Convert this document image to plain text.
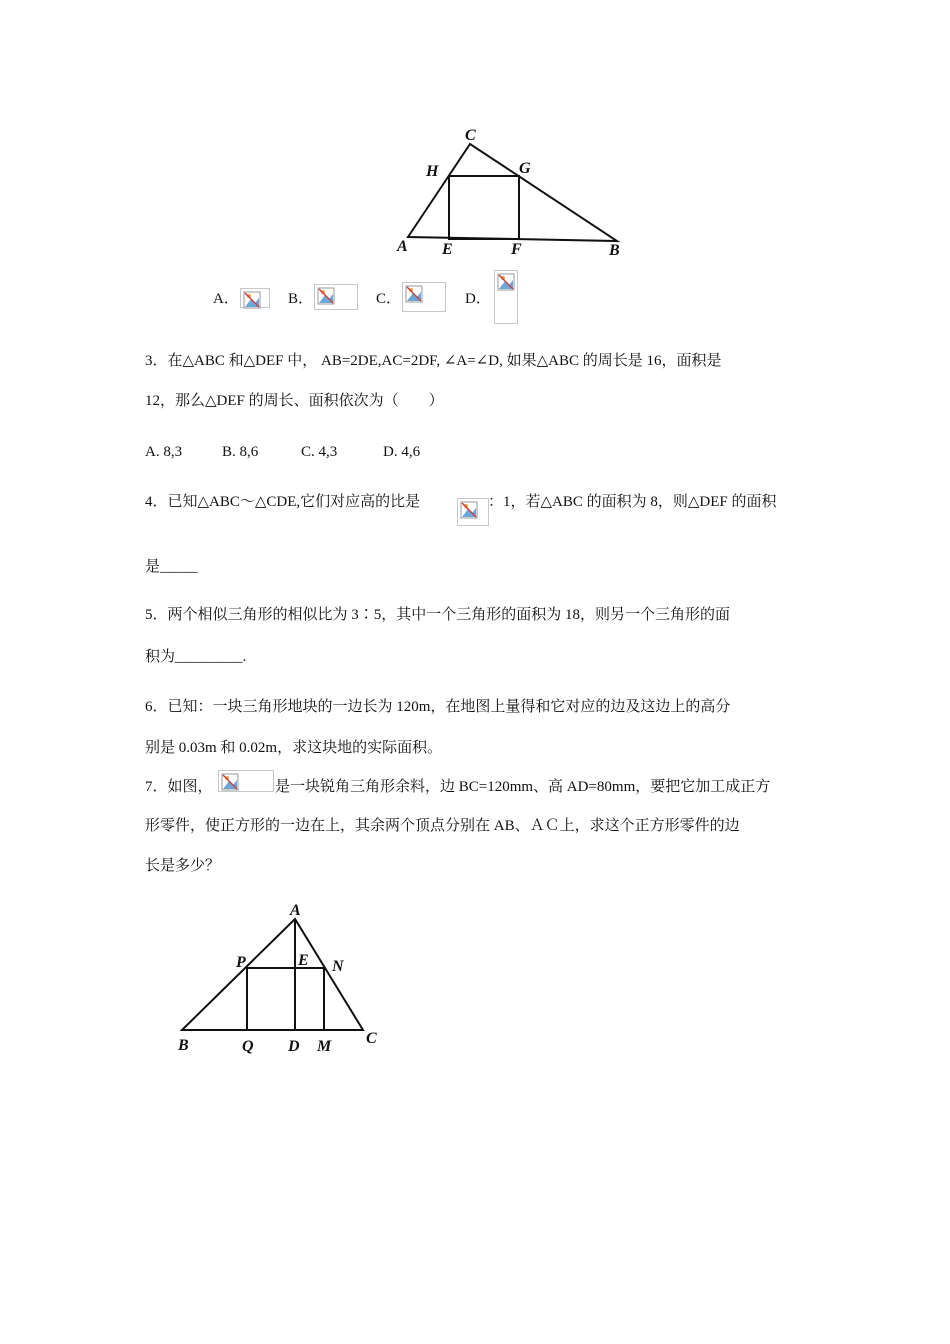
C
H	G
A E	F	B
A．	B．	C．	D．
3．在△ABC 和△DEF 中， AB=2DE,AC=2DF, ∠A=∠D, 如果△ABC 的周长是 16，面积是
12，那么△DEF 的周长、面积依次为（　　）
A. 8,3	B. 8,6	C. 4,3	D. 4,6
4．已知△ABC～△CDE,它们对应高的比是	：1，若△ABC 的面积为 8，则△DEF 的面积
是_____
5．两个相似三角形的相似比为 3∶5，其中一个三角形的面积为 18，则另一个三角形的面
积为_________.
6．已知：一块三角形地块的一边长为 120m，在地图上量得和它对应的边及这边上的高分
别是 0.03m 和 0.02m，求这块地的实际面积。
7．如图，	是一块锐角三角形余料，边 BC=120mm、高 AD=80mm，要把它加工成正方
形零件，使正方形的一边在上，其余两个顶点分别在 AB、ＡＣ上，求这个正方形零件的边
长是多少？
A
P	E N
B	Q D M C
